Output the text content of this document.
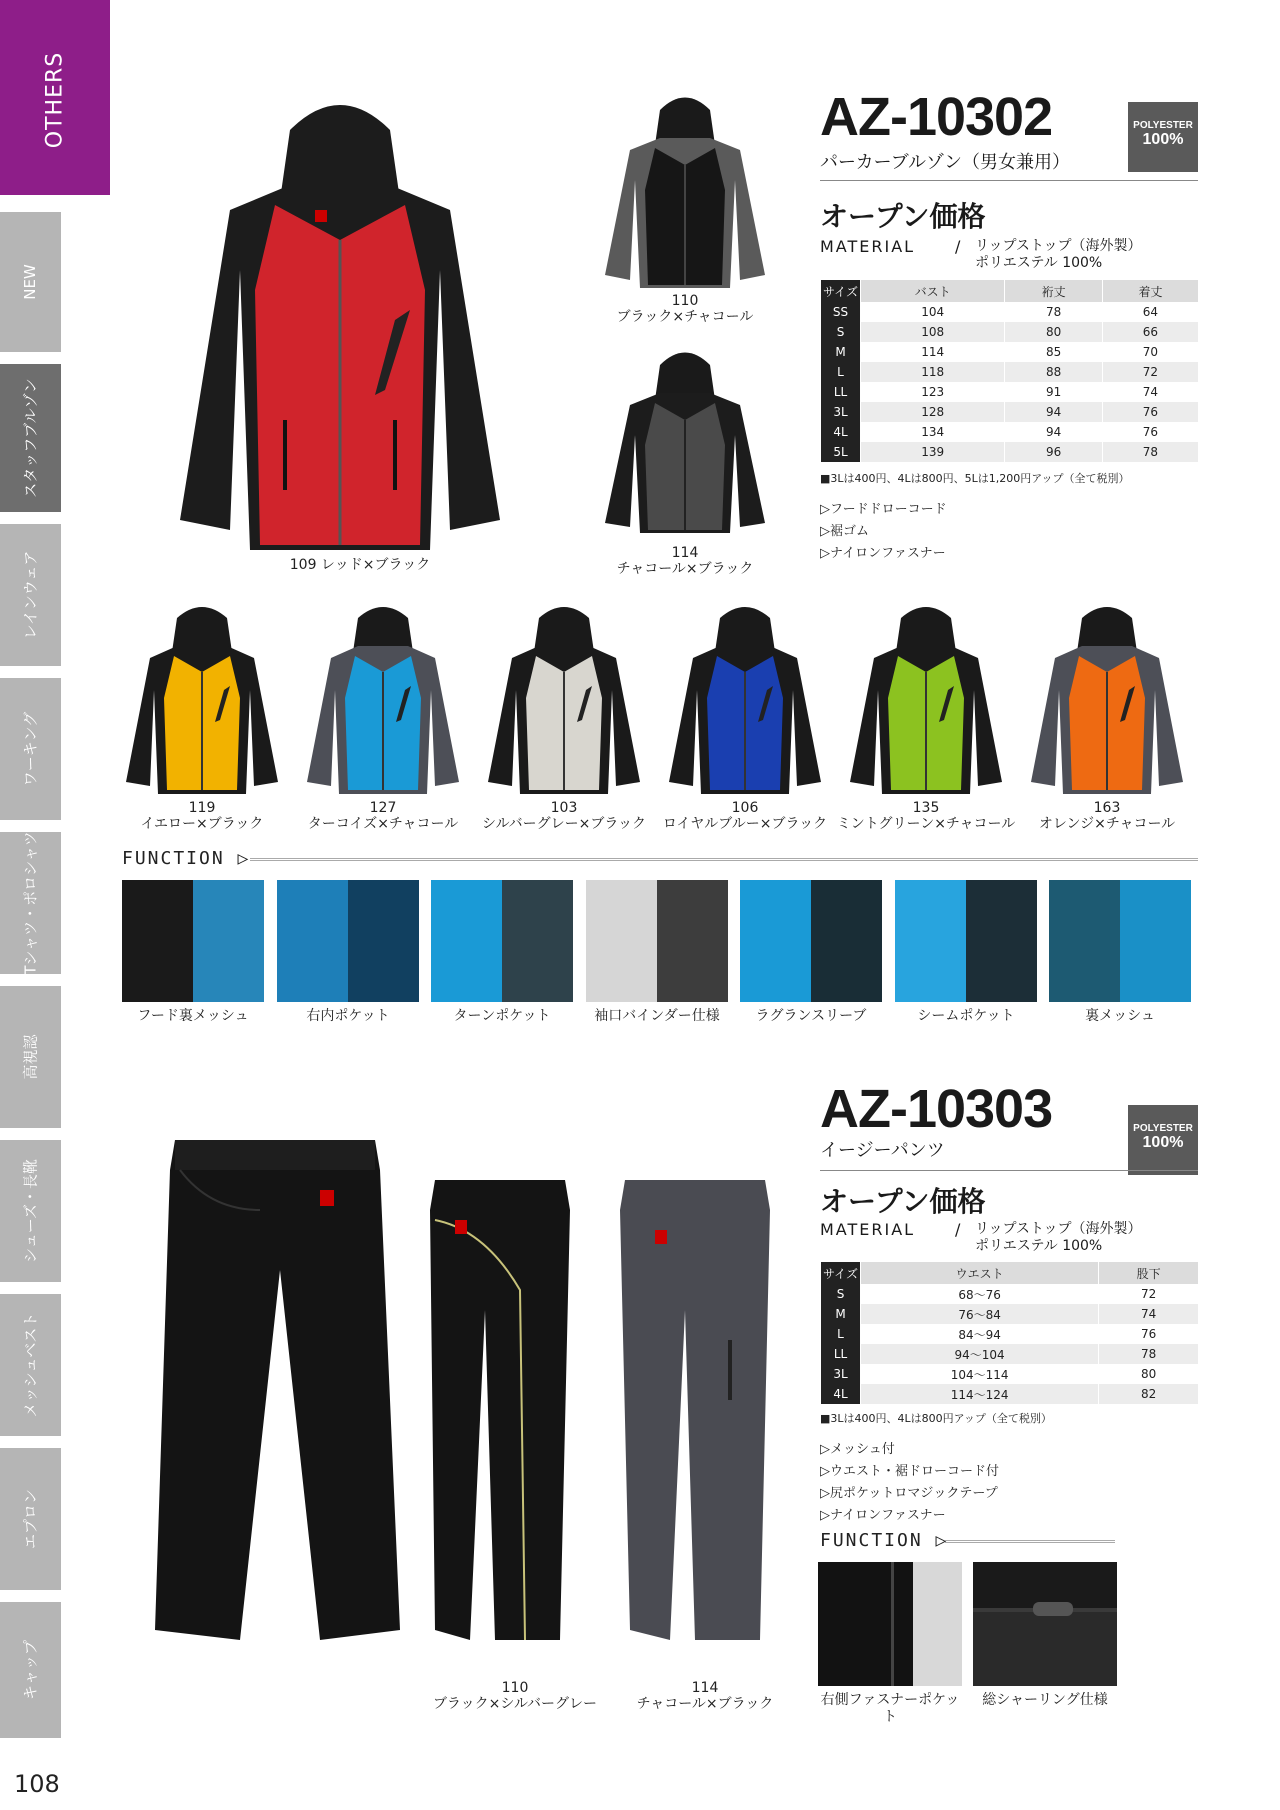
OTHERS
NEW
スタッフブルゾン
レインウェア
ワーキング
Tシャツ・ポロシャツ
高視認
シューズ・長靴
メッシュベスト
エプロン
キャップ
108
109 レッド×ブラック
110
ブラック×チャコール
114
チャコール×ブラック
AZ-10302
パーカーブルゾン（男女兼用）
POLYESTER
100%
オープン価格
MATERIAL / リップストップ（海外製）
ポリエステル 100%
サイズ	バスト	裄丈	着丈
SS	104	78	64
S	108	80	66
M	114	85	70
L	118	88	72
LL	123	91	74
3L	128	94	76
4L	134	94	76
5L	139	96	78
■3Lは400円、4Lは800円、5Lは1,200円アップ（全て税別）
▷フードドローコード
▷裾ゴム
▷ナイロンファスナー
119
イエロー×ブラック
127
ターコイズ×チャコール
103
シルバーグレー×ブラック
106
ロイヤルブルー×ブラック
135
ミントグリーン×チャコール
163
オレンジ×チャコール
FUNCTION ▷
フード裏メッシュ	右内ポケット	ターンポケット	袖口バインダー仕様	ラグランスリーブ	シームポケット	裏メッシュ
AZ-10303
イージーパンツ
POLYESTER
100%
オープン価格
MATERIAL / リップストップ（海外製）
ポリエステル 100%
サイズ	ウエスト	股下
S	68〜76	72
M	76〜84	74
L	84〜94	76
LL	94〜104	78
3L	104〜114	80
4L	114〜124	82
■3Lは400円、4Lは800円アップ（全て税別）
▷メッシュ付
▷ウエスト・裾ドローコード付
▷尻ポケットロマジックテープ
▷ナイロンファスナー
FUNCTION ▷
右側ファスナーポケット
総シャーリング仕様
110
ブラック×シルバーグレー
114
チャコール×ブラック
